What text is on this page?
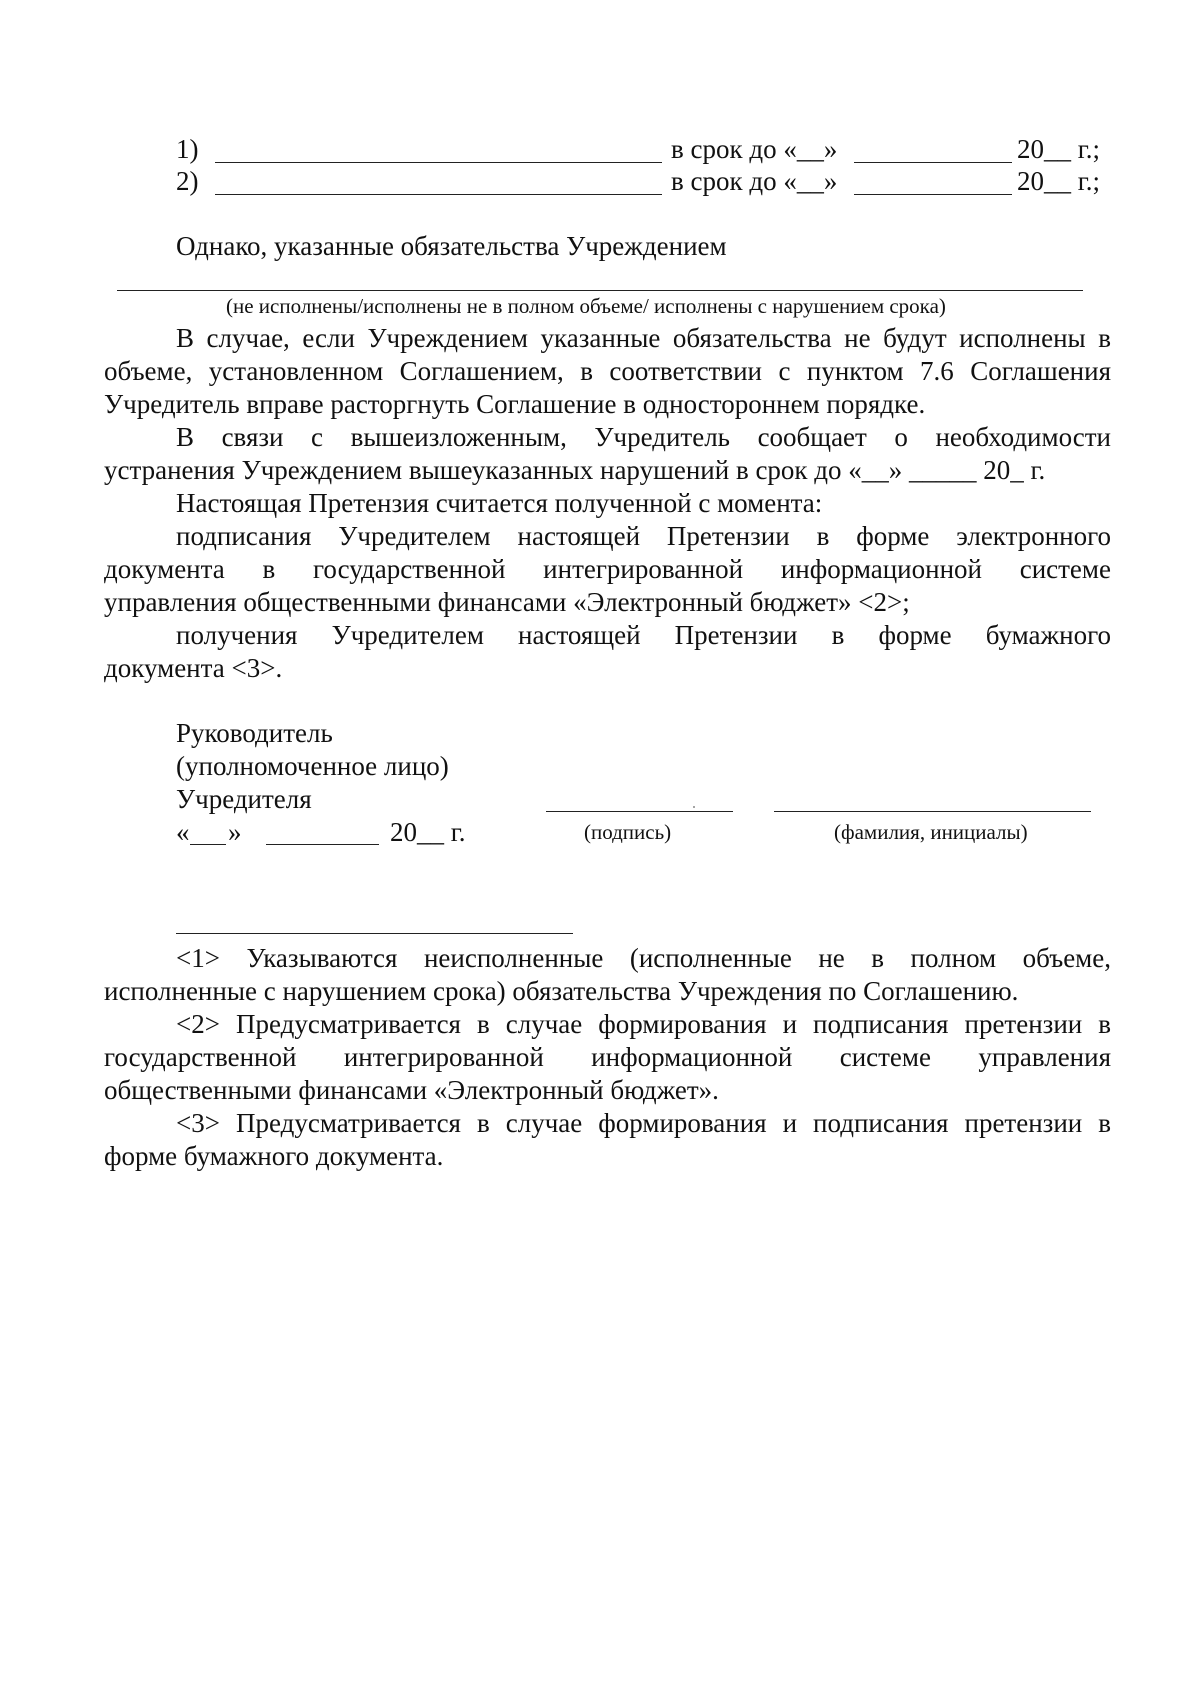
1)	в срок до «__»	20__ г.;
2)	в срок до «__»	20__ г.;
Однако, указанные обязательства Учреждением
(не исполнены/исполнены не в полном объеме/ исполнены с нарушением срока)
В случае, если Учреждением указанные обязательства не будут исполнены в
объеме, установленном Соглашением, в соответствии с пунктом 7.6 Соглашения
Учредитель вправе расторгнуть Соглашение в одностороннем порядке.
В связи с вышеизложенным, Учредитель сообщает о необходимости
устранения Учреждением вышеуказанных нарушений в срок до «__» _____ 20_ г.
Настоящая Претензия считается полученной с момента:
подписания Учредителем настоящей Претензии в форме электронного
документа в государственной интегрированной информационной системе
управления общественными финансами «Электронный бюджет» <2>;
получения Учредителем настоящей Претензии в форме бумажного
документа <3>.
Руководитель
(уполномоченное лицо)
Учредителя
« »	20__ г.	(подпись)	(фамилия, инициалы)
<1> Указываются неисполненные (исполненные не в полном объеме,
исполненные с нарушением срока) обязательства Учреждения по Соглашению.
<2> Предусматривается в случае формирования и подписания претензии в
государственной интегрированной информационной системе управления
общественными финансами «Электронный бюджет».
<3> Предусматривается в случае формирования и подписания претензии в
форме бумажного документа.
